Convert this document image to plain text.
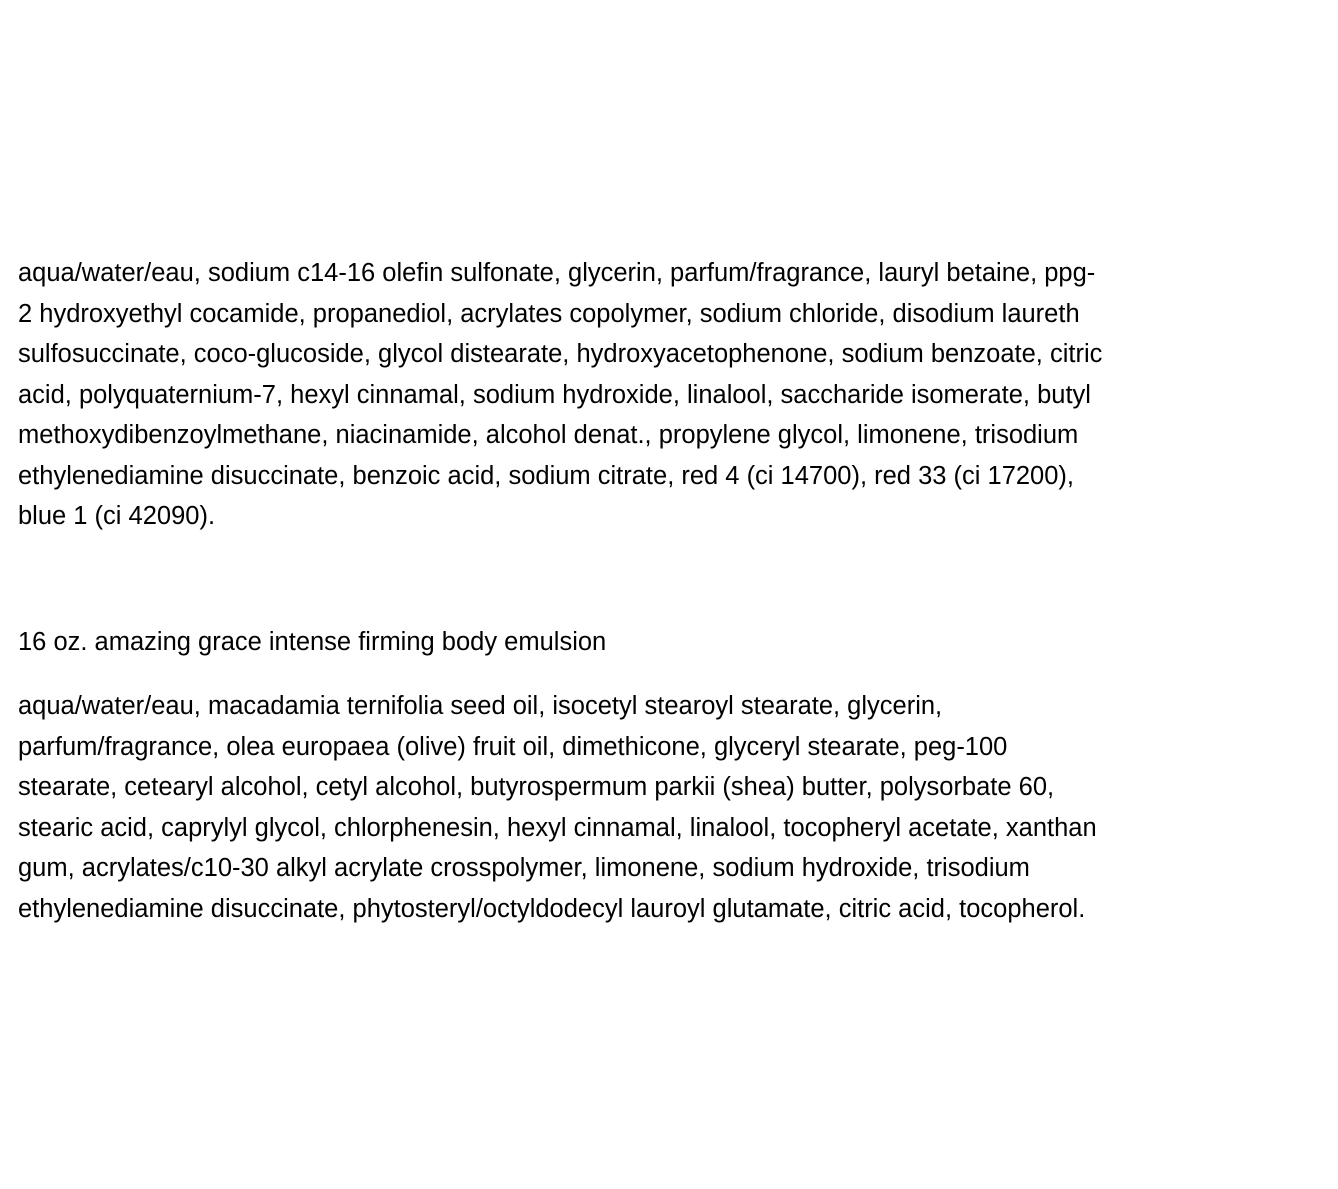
aqua/water/eau, sodium c14-16 olefin sulfonate, glycerin, parfum/fragrance, lauryl betaine, ppg-
2 hydroxyethyl cocamide, propanediol, acrylates copolymer, sodium chloride, disodium laureth
sulfosuccinate, coco-glucoside, glycol distearate, hydroxyacetophenone, sodium benzoate, citric
acid, polyquaternium-7, hexyl cinnamal, sodium hydroxide, linalool, saccharide isomerate, butyl
methoxydibenzoylmethane, niacinamide, alcohol denat., propylene glycol, limonene, trisodium
ethylenediamine disuccinate, benzoic acid, sodium citrate, red 4 (ci 14700), red 33 (ci 17200),
blue 1 (ci 42090).

16 oz. amazing grace intense firming body emulsion

aqua/water/eau, macadamia ternifolia seed oil, isocetyl stearoyl stearate, glycerin,
parfum/fragrance, olea europaea (olive) fruit oil, dimethicone, glyceryl stearate, peg-100
stearate, cetearyl alcohol, cetyl alcohol, butyrospermum parkii (shea) butter, polysorbate 60,
stearic acid, caprylyl glycol, chlorphenesin, hexyl cinnamal, linalool, tocopheryl acetate, xanthan
gum, acrylates/c10-30 alkyl acrylate crosspolymer, limonene, sodium hydroxide, trisodium
ethylenediamine disuccinate, phytosteryl/octyldodecyl lauroyl glutamate, citric acid, tocopherol.
